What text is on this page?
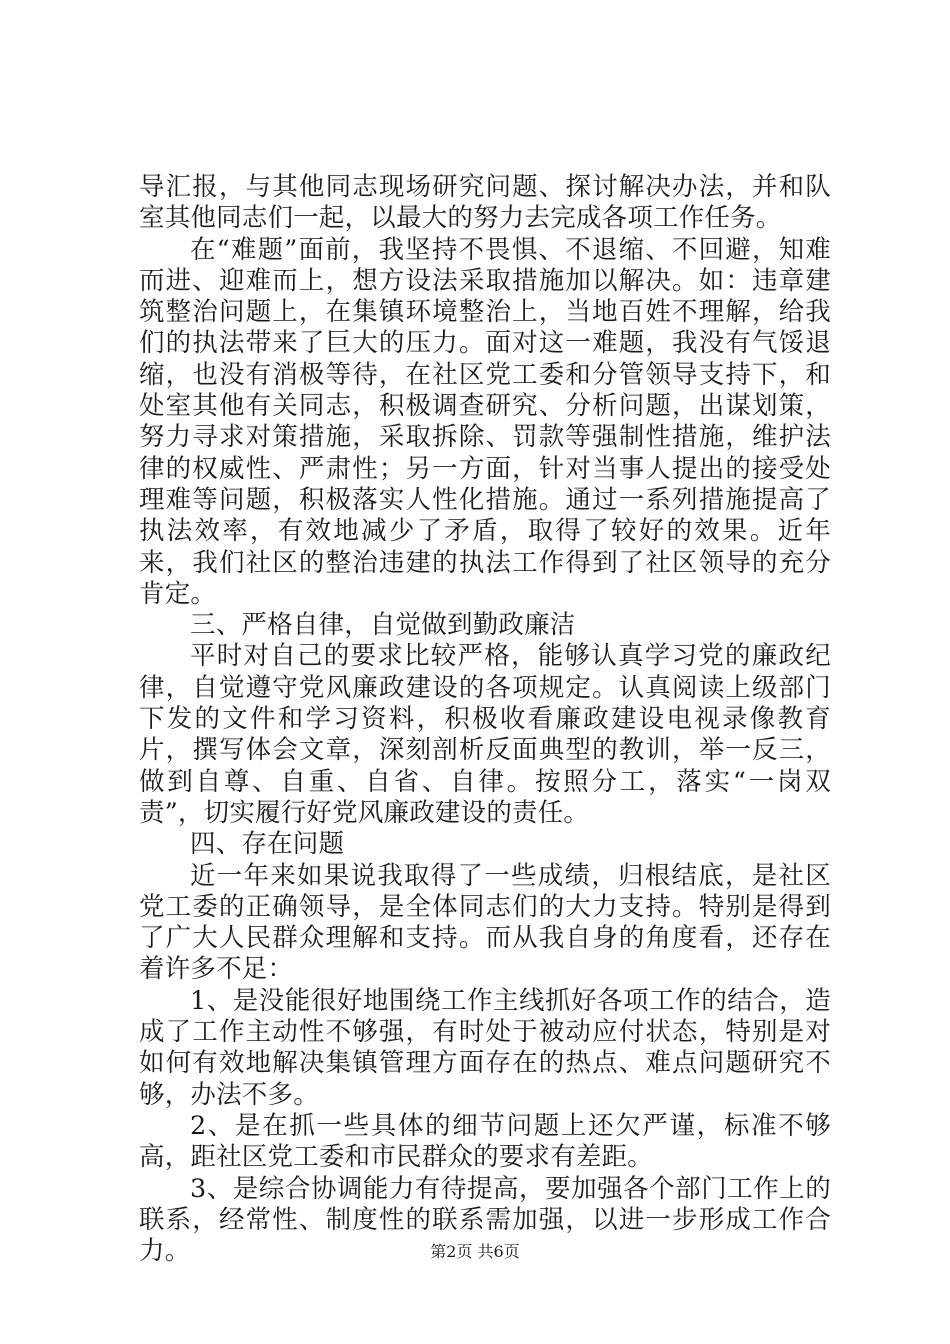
导汇报，与其他同志现场研究问题、探讨解决办法，并和队室其他同志们一起，以最大的努力去完成各项工作任务。

在“难题”面前，我坚持不畏惧、不退缩、不回避，知难而进、迎难而上，想方设法采取措施加以解决。如：违章建筑整治问题上，在集镇环境整治上，当地百姓不理解，给我们的执法带来了巨大的压力。面对这一难题，我没有气馁退缩，也没有消极等待，在社区党工委和分管领导支持下，和处室其他有关同志，积极调查研究、分析问题，出谋划策，努力寻求对策措施，采取拆除、罚款等强制性措施，维护法律的权威性、严肃性；另一方面，针对当事人提出的接受处理难等问题，积极落实人性化措施。通过一系列措施提高了执法效率，有效地减少了矛盾，取得了较好的效果。近年来，我们社区的整治违建的执法工作得到了社区领导的充分肯定。

三、严格自律，自觉做到勤政廉洁

平时对自己的要求比较严格，能够认真学习党的廉政纪律，自觉遵守党风廉政建设的各项规定。认真阅读上级部门下发的文件和学习资料，积极收看廉政建设电视录像教育片，撰写体会文章，深刻剖析反面典型的教训，举一反三，做到自尊、自重、自省、自律。按照分工，落实“一岗双责”，切实履行好党风廉政建设的责任。

四、存在问题

近一年来如果说我取得了一些成绩，归根结底，是社区党工委的正确领导，是全体同志们的大力支持。特别是得到了广大人民群众理解和支持。而从我自身的角度看，还存在着许多不足：

1、是没能很好地围绕工作主线抓好各项工作的结合，造成了工作主动性不够强，有时处于被动应付状态，特别是对如何有效地解决集镇管理方面存在的热点、难点问题研究不够，办法不多。

2、是在抓一些具体的细节问题上还欠严谨，标准不够高，距社区党工委和市民群众的要求有差距。

3、是综合协调能力有待提高，要加强各个部门工作上的联系，经常性、制度性的联系需加强，以进一步形成工作合力。	第2页 共6页
